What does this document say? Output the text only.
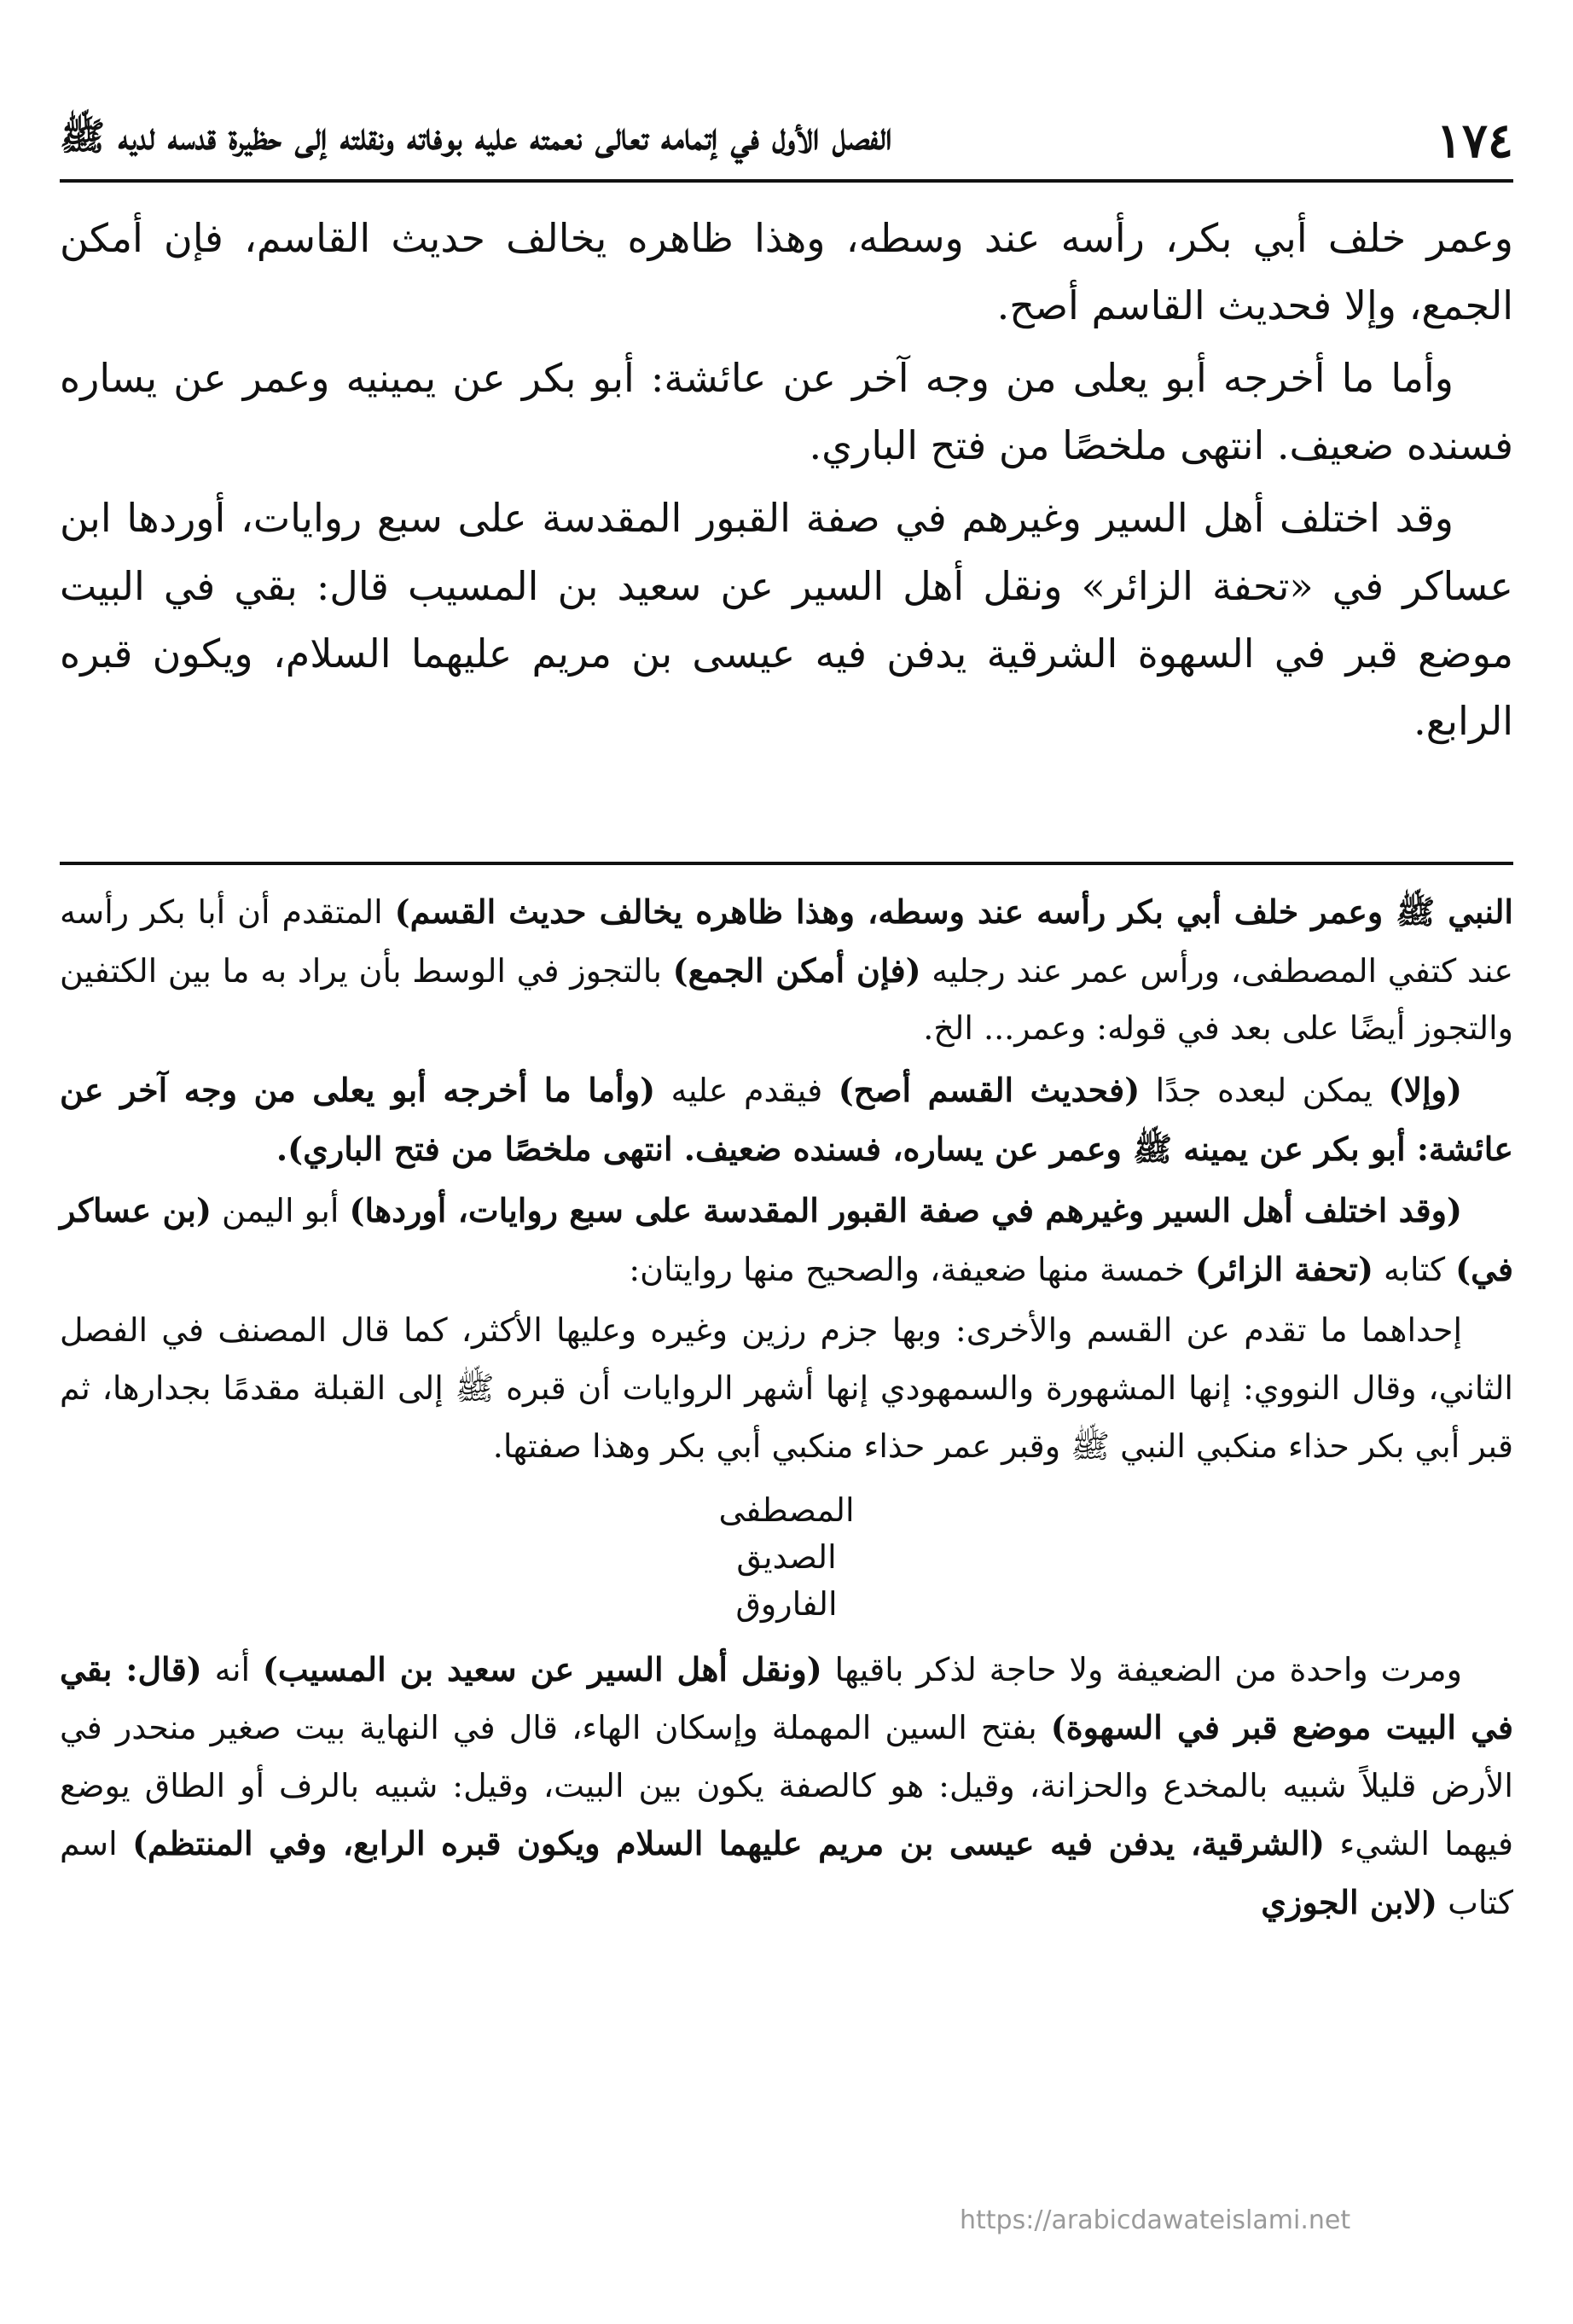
١٧٤
الفصل الأول في إتمامه تعالى نعمته عليه بوفاته ونقلته إلى حظيرة قدسه لديه ﷺ

وعمر خلف أبي بكر، رأسه عند وسطه، وهذا ظاهره يخالف حديث القاسم، فإن أمكن الجمع، وإلا فحديث القاسم أصح.

وأما ما أخرجه أبو يعلى من وجه آخر عن عائشة: أبو بكر عن يمينيه وعمر عن يساره فسنده ضعيف. انتهى ملخصًا من فتح الباري.

وقد اختلف أهل السير وغيرهم في صفة القبور المقدسة على سبع روايات، أوردها ابن عساكر في «تحفة الزائر» ونقل أهل السير عن سعيد بن المسيب قال: بقي في البيت موضع قبر في السهوة الشرقية يدفن فيه عيسى بن مريم عليهما السلام، ويكون قبره الرابع.

النبي ﷺ وعمر خلف أبي بكر رأسه عند وسطه، وهذا ظاهره يخالف حديث القسم) المتقدم أن أبا بكر رأسه عند كتفي المصطفى، ورأس عمر عند رجليه (فإن أمكن الجمع) بالتجوز في الوسط بأن يراد به ما بين الكتفين والتجوز أيضًا على بعد في قوله: وعمر... الخ.

(وإلا) يمكن لبعده جدًا (فحديث القسم أصح) فيقدم عليه (وأما ما أخرجه أبو يعلى من وجه آخر عن عائشة: أبو بكر عن يمينه ﷺ وعمر عن يساره، فسنده ضعيف. انتهى ملخصًا من فتح الباري).

(وقد اختلف أهل السير وغيرهم في صفة القبور المقدسة على سبع روايات، أوردها) أبو اليمن (بن عساكر في) كتابه (تحفة الزائر) خمسة منها ضعيفة، والصحيح منها روايتان:

إحداهما ما تقدم عن القسم والأخرى: وبها جزم رزين وغيره وعليها الأكثر، كما قال المصنف في الفصل الثاني، وقال النووي: إنها المشهورة والسمهودي إنها أشهر الروايات أن قبره ﷺ إلى القبلة مقدمًا بجدارها، ثم قبر أبي بكر حذاء منكبي النبي ﷺ وقبر عمر حذاء منكبي أبي بكر وهذا صفتها.

المصطفى
الصديق
الفاروق

ومرت واحدة من الضعيفة ولا حاجة لذكر باقيها (ونقل أهل السير عن سعيد بن المسيب) أنه (قال: بقي في البيت موضع قبر في السهوة) بفتح السين المهملة وإسكان الهاء، قال في النهاية بيت صغير منحدر في الأرض قليلاً شبيه بالمخدع والحزانة، وقيل: هو كالصفة يكون بين البيت، وقيل: شبيه بالرف أو الطاق يوضع فيهما الشيء (الشرقية، يدفن فيه عيسى بن مريم عليهما السلام ويكون قبره الرابع، وفي المنتظم) اسم كتاب (لابن الجوزي

https://arabicdawateislami.net
